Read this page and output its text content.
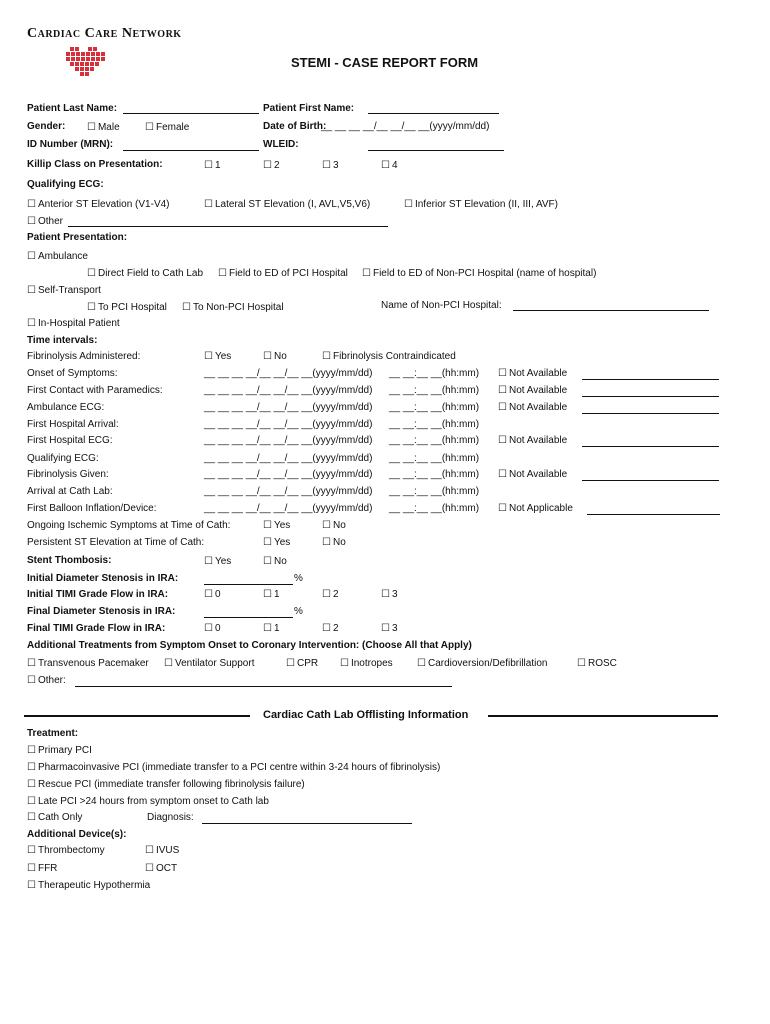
Cardiac Care Network
STEMI - CASE REPORT FORM
Patient Last Name:	Patient First Name:
Gender:	☐ Male	☐ Female	Date of Birth:
__ __ __ __/__ __/__ __(yyyy/mm/dd)
ID Number (MRN):	WLEID:
Killip Class on Presentation:	☐ 1	☐ 2	☐ 3	☐ 4
Qualifying ECG:
☐ Anterior ST Elevation (V1-V4)	☐ Lateral ST Elevation (I, AVL,V5,V6)	☐ Inferior ST Elevation (II, III, AVF)
☐ Other
Patient Presentation:
☐ Ambulance
☐ Direct Field to Cath Lab	☐ Field to ED of PCI Hospital	☐ Field to ED of Non-PCI Hospital (name of hospital)
☐ Self-Transport
☐ To PCI Hospital	☐ To Non-PCI Hospital	Name of Non-PCI Hospital:
☐ In-Hospital Patient
Time intervals:
Fibrinolysis Administered:	☐ Yes	☐ No	☐ Fibrinolysis Contraindicated
Onset of Symptoms:	__ __ __ __/__ __/__ __(yyyy/mm/dd) __ __:__ __(hh:mm)	☐ Not Available
First Contact with Paramedics:	__ __ __ __/__ __/__ __(yyyy/mm/dd) __ __:__ __(hh:mm)	☐ Not Available
Ambulance ECG:	__ __ __ __/__ __/__ __(yyyy/mm/dd) __ __:__ __(hh:mm)	☐ Not Available
First Hospital Arrival:	__ __ __ __/__ __/__ __(yyyy/mm/dd) __ __:__ __(hh:mm)
First Hospital ECG:	__ __ __ __/__ __/__ __(yyyy/mm/dd) __ __:__ __(hh:mm)	☐ Not Available
Qualifying ECG:	__ __ __ __/__ __/__ __(yyyy/mm/dd) __ __:__ __(hh:mm)
Fibrinolysis Given:	__ __ __ __/__ __/__ __(yyyy/mm/dd) __ __:__ __(hh:mm)	☐ Not Available
Arrival at Cath Lab:	__ __ __ __/__ __/__ __(yyyy/mm/dd) __ __:__ __(hh:mm)
First Balloon Inflation/Device:	__ __ __ __/__ __/__ __(yyyy/mm/dd) __ __:__ __(hh:mm)	☐ Not Applicable
Ongoing Ischemic Symptoms at Time of Cath:	☐ Yes	☐ No
Persistent ST Elevation at Time of Cath:	☐ Yes	☐ No
Stent Thombosis:	☐ Yes	☐ No
Initial Diameter Stenosis in IRA:	%
Initial TIMI Grade Flow in IRA:	☐ 0	☐ 1	☐ 2	☐ 3
Final Diameter Stenosis in IRA:	%
Final TIMI Grade Flow in IRA:	☐ 0	☐ 1	☐ 2	☐ 3
Additional Treatments from Symptom Onset to Coronary Intervention: (Choose All that Apply)
☐ Transvenous Pacemaker	☐ Ventilator Support	☐ CPR	☐ Inotropes	☐ Cardioversion/Defibrillation	☐ ROSC
☐ Other:
Cardiac Cath Lab Offlisting Information
Treatment:
☐ Primary PCI
☐ Pharmacoinvasive PCI (immediate transfer to a PCI centre within 3-24 hours of fibrinolysis)
☐ Rescue PCI (immediate transfer following fibrinolysis failure)
☐ Late PCI >24 hours from symptom onset to Cath lab
☐ Cath Only	Diagnosis:
Additional Device(s):
☐ Thrombectomy	☐ IVUS
☐ FFR	☐ OCT
☐ Therapeutic Hypothermia
